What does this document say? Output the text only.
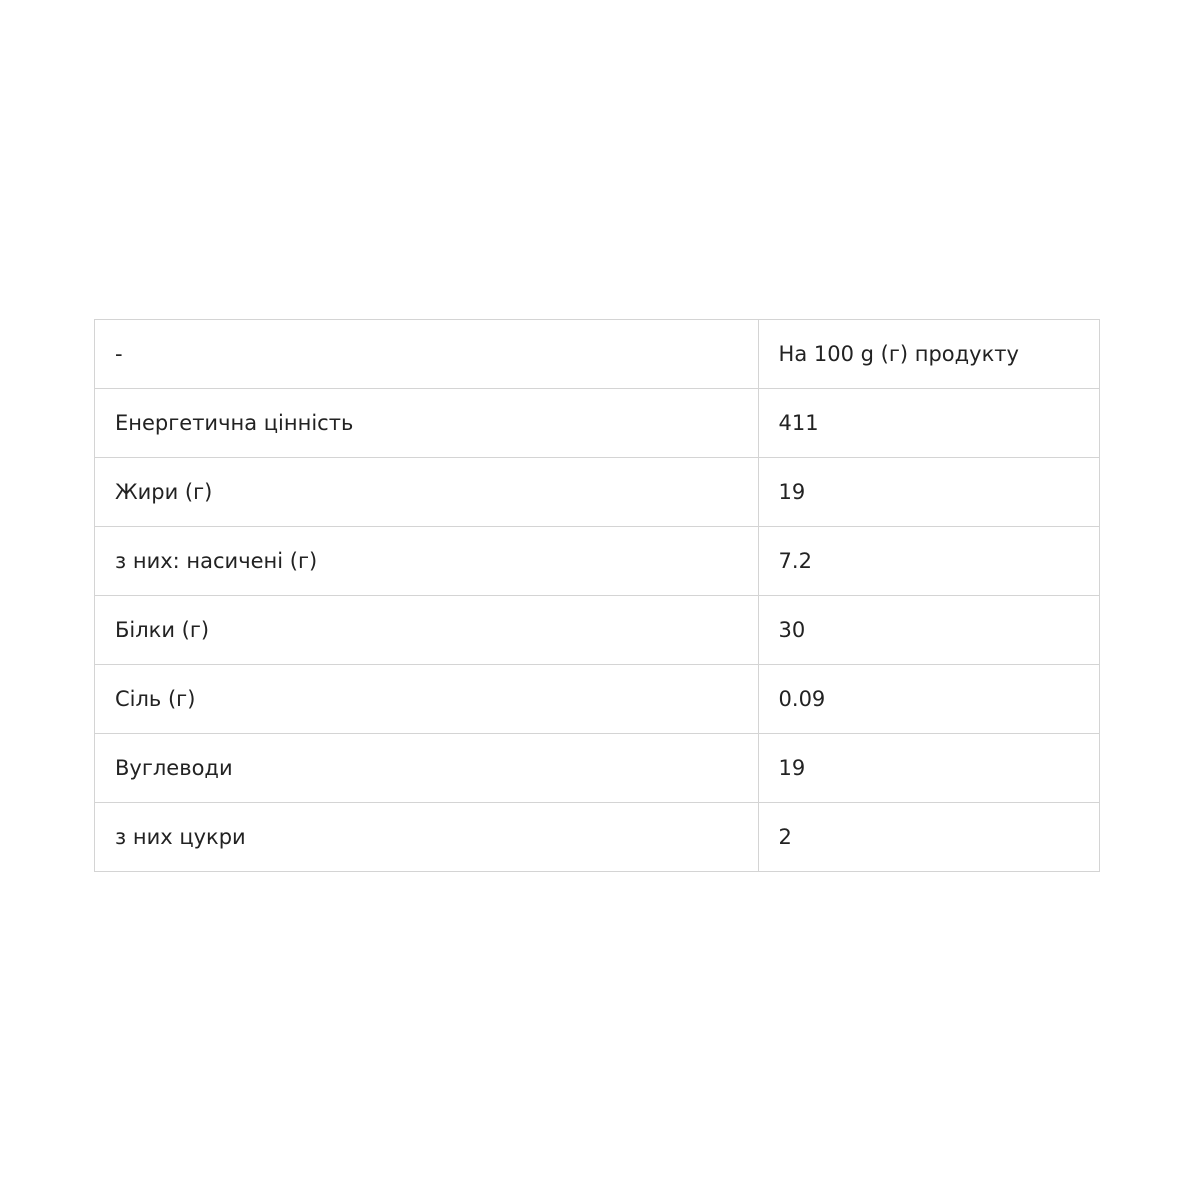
-	На 100 g (г) продукту
Енергетична цінність	411
Жири (г)	19
з них: насичені (г)	7.2
Білки (г)	30
Сіль (г)	0.09
Вуглеводи	19
з них цукри	2
